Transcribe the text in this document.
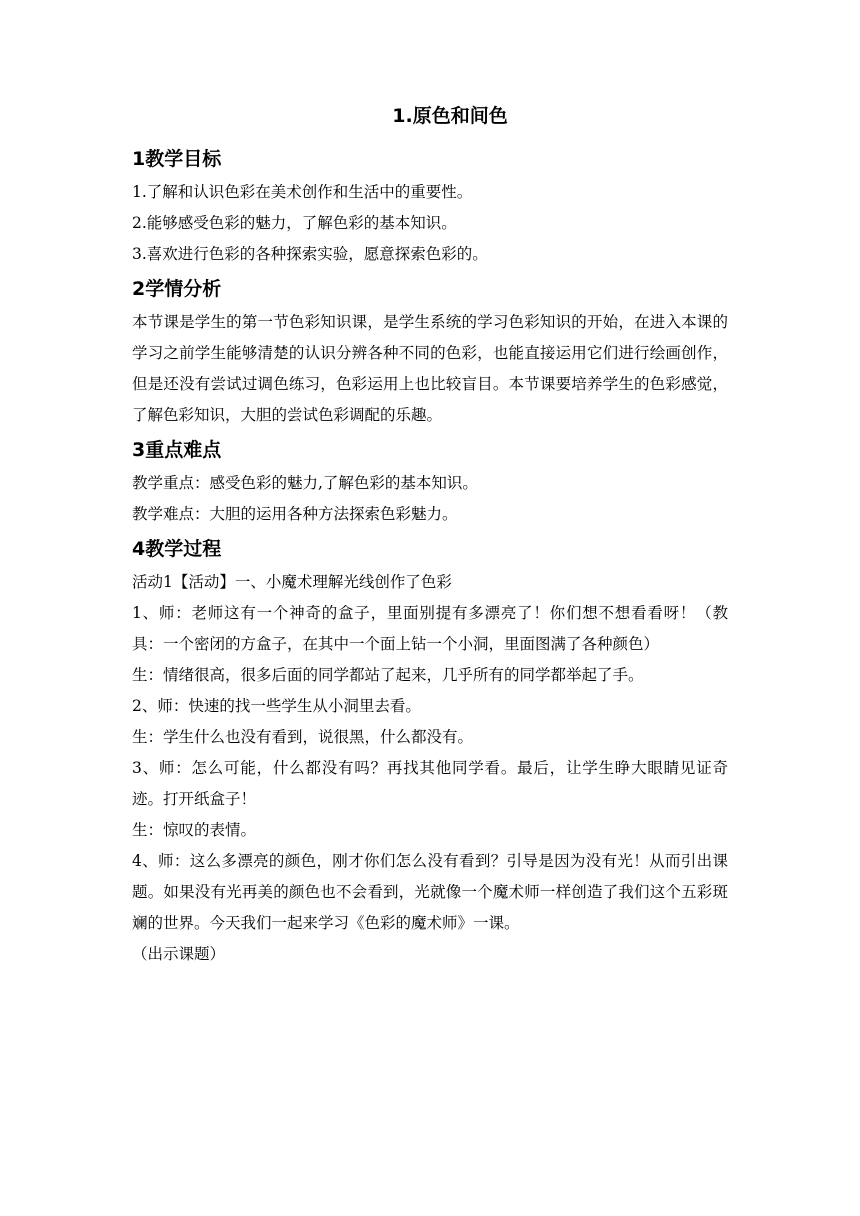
1.原色和间色
1教学目标

1.了解和认识色彩在美术创作和生活中的重要性。

2.能够感受色彩的魅力，了解色彩的基本知识。

3.喜欢进行色彩的各种探索实验，愿意探索色彩的。

2学情分析

本节课是学生的第一节色彩知识课，是学生系统的学习色彩知识的开始，在进入本课的学习之前学生能够清楚的认识分辨各种不同的色彩，也能直接运用它们进行绘画创作，但是还没有尝试过调色练习，色彩运用上也比较盲目。本节课要培养学生的色彩感觉，了解色彩知识，大胆的尝试色彩调配的乐趣。

3重点难点

教学重点：感受色彩的魅力,了解色彩的基本知识。

教学难点：大胆的运用各种方法探索色彩魅力。

4教学过程

活动1【活动】一、小魔术理解光线创作了色彩

1、师：老师这有一个神奇的盒子，里面别提有多漂亮了！你们想不想看看呀！（教具：一个密闭的方盒子，在其中一个面上钻一个小洞，里面图满了各种颜色）

生：情绪很高，很多后面的同学都站了起来，几乎所有的同学都举起了手。

2、师：快速的找一些学生从小洞里去看。

生：学生什么也没有看到，说很黑，什么都没有。

3、师：怎么可能，什么都没有吗？再找其他同学看。最后，让学生睁大眼睛见证奇迹。打开纸盒子！

生：惊叹的表情。

4、师：这么多漂亮的颜色，刚才你们怎么没有看到？引导是因为没有光！从而引出课题。如果没有光再美的颜色也不会看到，光就像一个魔术师一样创造了我们这个五彩斑斓的世界。今天我们一起来学习《色彩的魔术师》一课。

（出示课题）
